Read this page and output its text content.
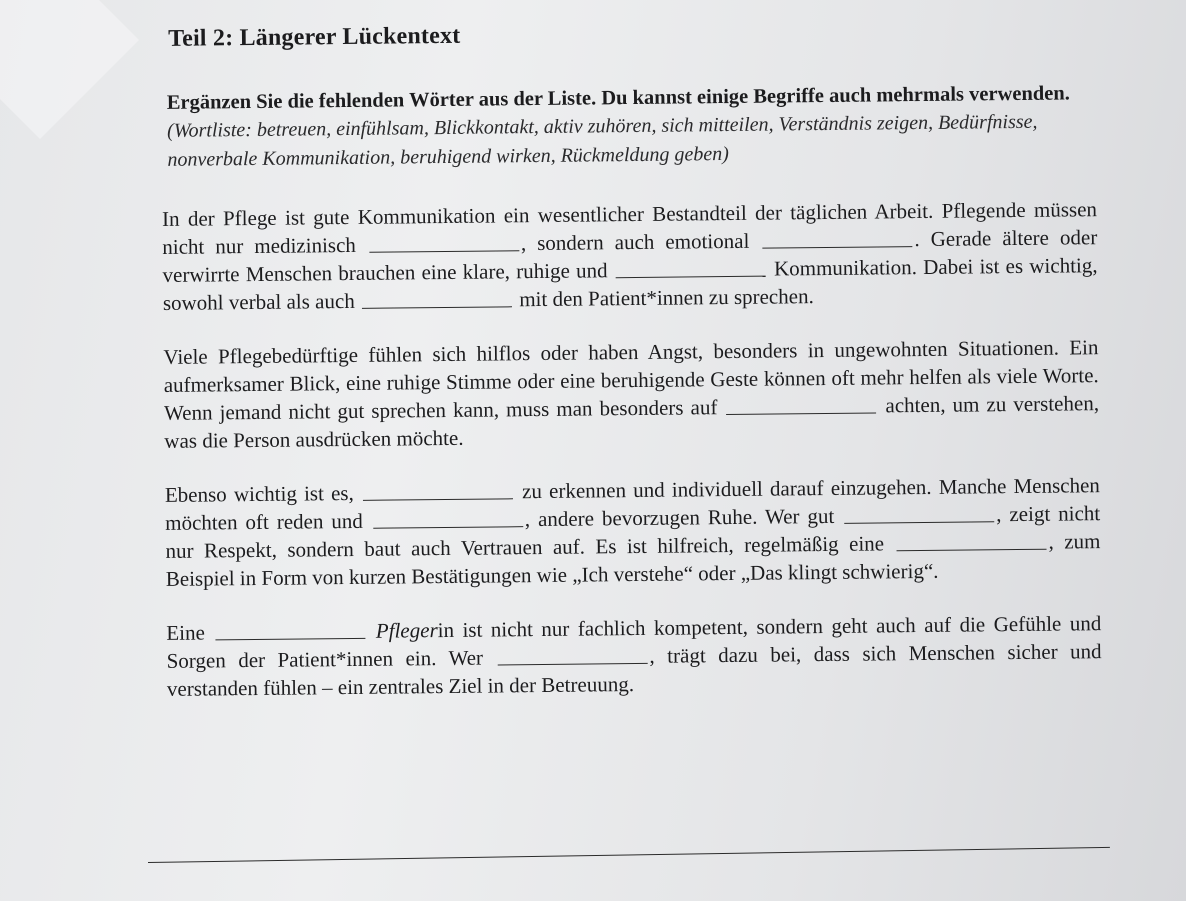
Teil 2: Längerer Lückentext
Ergänzen Sie die fehlenden Wörter aus der Liste. Du kannst einige Begriffe auch mehrmals verwenden.
(Wortliste: betreuen, einfühlsam, Blickkontakt, aktiv zuhören, sich mitteilen, Verständnis zeigen, Bedürfnisse, nonverbale Kommunikation, beruhigend wirken, Rückmeldung geben)
In der Pflege ist gute Kommunikation ein wesentlicher Bestandteil der täglichen Arbeit. Pflegende müssen nicht nur medizinisch	, sondern auch emotional	. Gerade ältere oder verwirrte Menschen brauchen eine klare, ruhige und	Kommunikation. Dabei ist es wichtig, sowohl verbal als auch	mit den Patient*innen zu sprechen.
Viele Pflegebedürftige fühlen sich hilflos oder haben Angst, besonders in ungewohnten Situationen. Ein aufmerksamer Blick, eine ruhige Stimme oder eine beruhigende Geste können oft mehr helfen als viele Worte. Wenn jemand nicht gut sprechen kann, muss man besonders auf	achten, um zu verstehen, was die Person ausdrücken möchte.
Ebenso wichtig ist es,	zu erkennen und individuell darauf einzugehen. Manche Menschen möchten oft reden und	, andere bevorzugen Ruhe. Wer gut	, zeigt nicht nur Respekt, sondern baut auch Vertrauen auf. Es ist hilfreich, regelmäßig eine	, zum Beispiel in Form von kurzen Bestätigungen wie „Ich verstehe“ oder „Das klingt schwierig“.
Eine	Pflegerin ist nicht nur fachlich kompetent, sondern geht auch auf die Gefühle und Sorgen der Patient*innen ein. Wer	, trägt dazu bei, dass sich Menschen sicher und verstanden fühlen – ein zentrales Ziel in der Betreuung.
